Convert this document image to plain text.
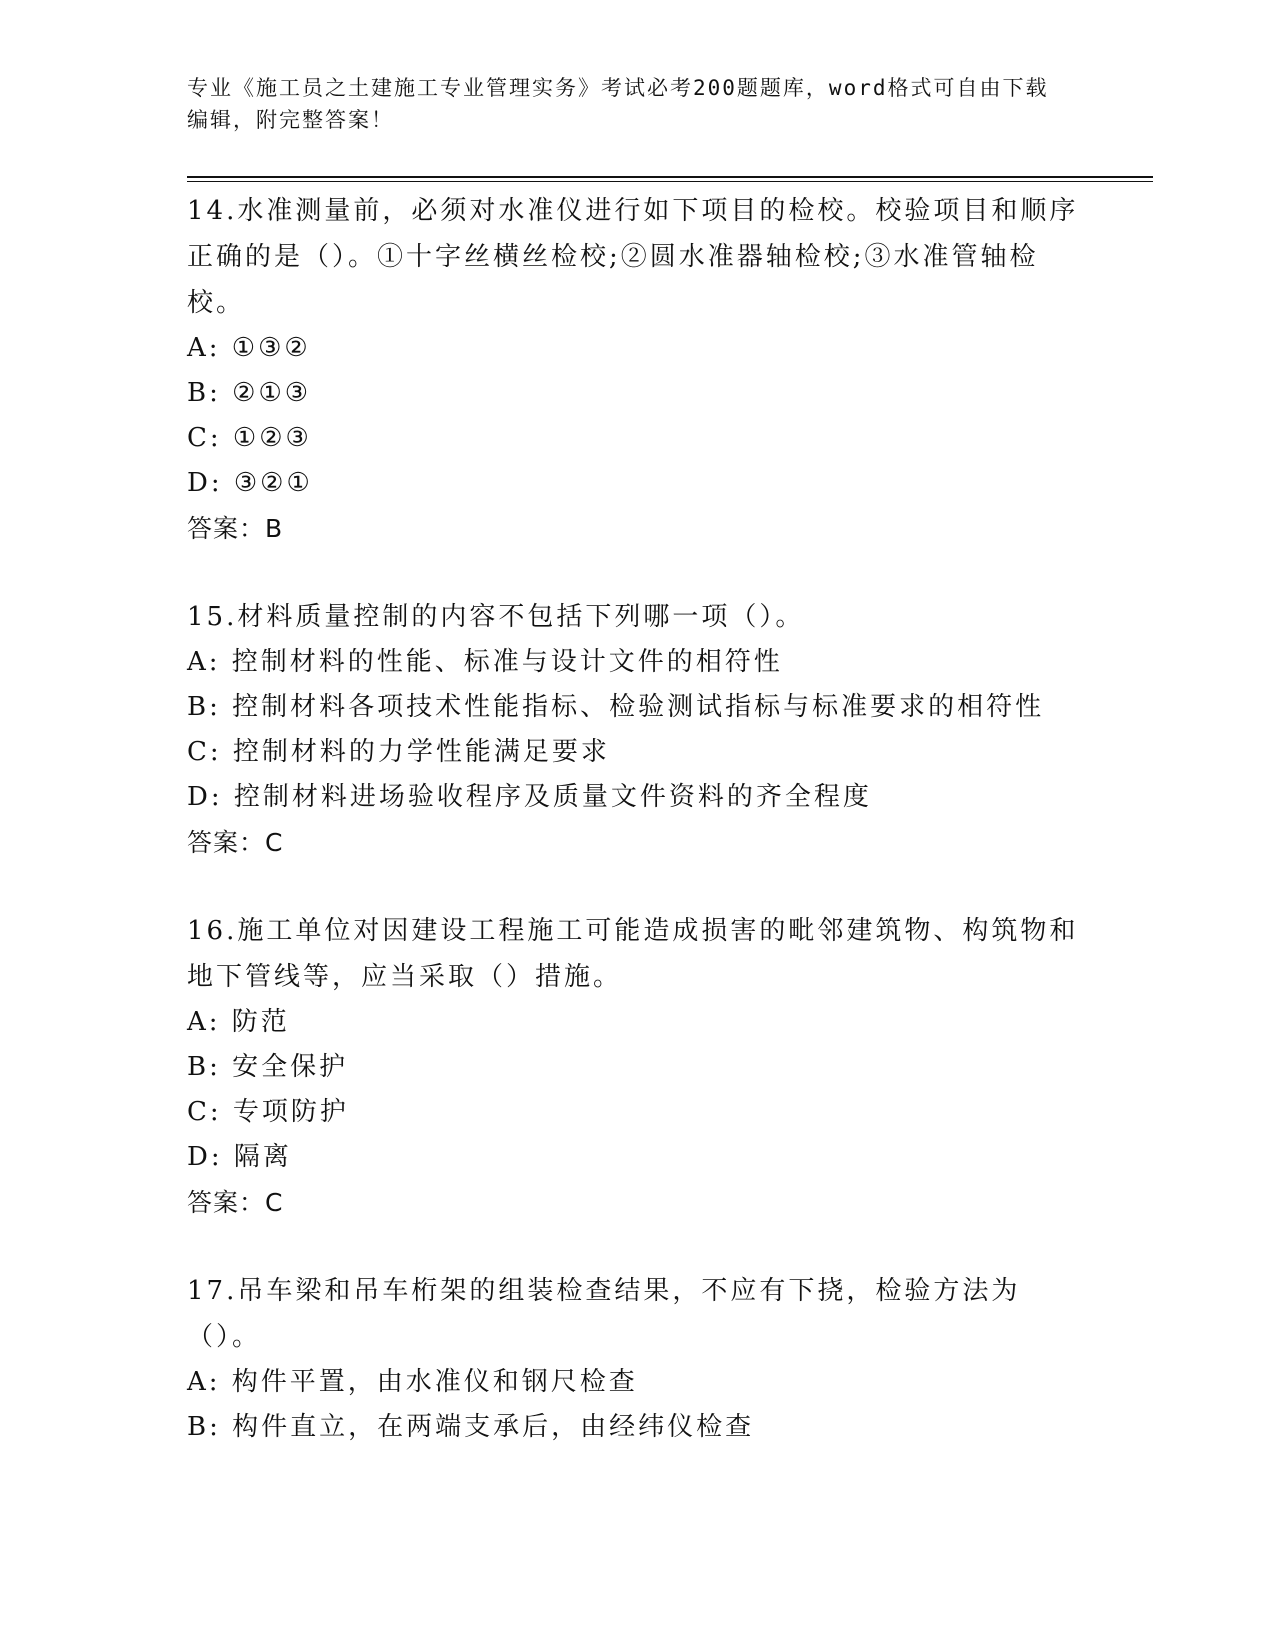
专业《施工员之土建施工专业管理实务》考试必考200题题库，word格式可自由下载编辑，附完整答案！

14.水准测量前，必须对水准仪进行如下项目的检校。校验项目和顺序正确的是（）。①十字丝横丝检校;②圆水准器轴检校;③水准管轴检校。

A: ①③②
B: ②①③
C: ①②③
D: ③②①
答案：B

15.材料质量控制的内容不包括下列哪一项（）。

A: 控制材料的性能、标准与设计文件的相符性
B: 控制材料各项技术性能指标、检验测试指标与标准要求的相符性
C: 控制材料的力学性能满足要求
D: 控制材料进场验收程序及质量文件资料的齐全程度
答案：C

16.施工单位对因建设工程施工可能造成损害的毗邻建筑物、构筑物和地下管线等，应当采取（）措施。

A: 防范
B: 安全保护
C: 专项防护
D: 隔离
答案：C

17.吊车梁和吊车桁架的组装检查结果，不应有下挠，检验方法为（）。

A: 构件平置，由水准仪和钢尺检查
B: 构件直立，在两端支承后，由经纬仪检查
